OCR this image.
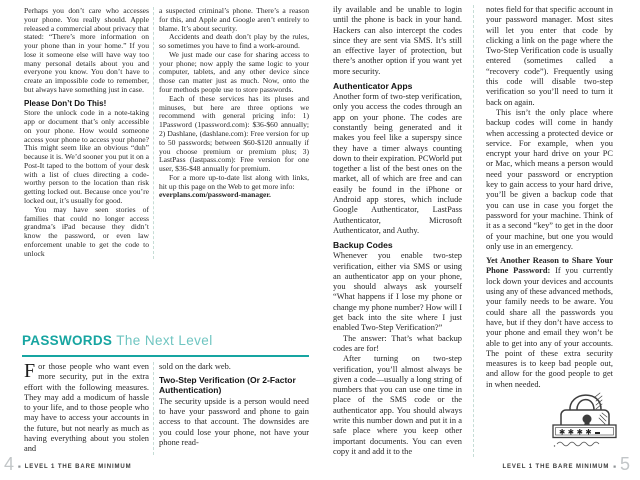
Perhaps you don’t care who accesses your phone. You really should. Apple released a commercial about privacy that stated: “There’s more information on your phone than in your home.” If you lose it someone else will have way too many personal details about you and everyone you know. You don’t have to create an impossible code to remember, but always have something just in case.

Please Don’t Do This!

Store the unlock code in a note-taking app or document that’s only accessible on your phone. How would someone access your phone to access your phone? This might seem like an obvious “duh” because it is. We’d sooner you put it on a Post-It taped to the bottom of your desk with a list of clues directing a code-worthy person to the location than risk getting locked out. Because once you’re locked out, it’s usually for good.

You may have seen stories of families that could no longer access grandma’s iPad because they didn’t know the password, or even law enforcement unable to get the code to unlock

a suspected criminal’s phone. There’s a reason for this, and Apple and Google aren’t entirely to blame. It’s about security.

Accidents and death don’t play by the rules, so sometimes you have to find a work-around.

We just made our case for sharing access to your phone; now apply the same logic to your computer, tablets, and any other device since those can matter just as much. Now, onto the four methods people use to store passwords.

Each of these services has its pluses and minuses, but here are three options we recommend with general pricing info: 1) 1Password (1password.com): $36-$60 annually; 2) Dashlane, (dashlane.com): Free version for up to 50 passwords; between $60-$120 annually if you choose premium or premium plus; 3) LastPass (lastpass.com): Free version for one user, $36-$48 annually for premium.

For a more up-to-date list along with links, hit up this page on the Web to get more info:

everplans.com/password-manager.

PASSWORDS The Next Level

For those people who want even more security, put in the extra effort with the following measures. They may add a modicum of hassle to your life, and to those people who may have to access your accounts in the future, but not nearly as much as having everything about you stolen and

sold on the dark web.

Two-Step Verification (Or 2-Factor Authentication)

The security upside is a person would need to have your password and phone to gain access to that account. The downsides are you could lose your phone, not have your phone read-

4 ■ LEVEL 1 THE BARE MINIMUM

ily available and be unable to login until the phone is back in your hand. Hackers can also intercept the codes since they are sent via SMS. It’s still an effective layer of protection, but there’s another option if you want yet more security.

Authenticator Apps

Another form of two-step verification, only you access the codes through an app on your phone. The codes are constantly being generated and it makes you feel like a superspy since they have a timer always counting down to their expiration. PCWorld put together a list of the best ones on the market, all of which are free and can easily be found in the iPhone or Android app stores, which include Google Authenticator, LastPass Authenticator, Microsoft Authenticator, and Authy.

Backup Codes

Whenever you enable two-step verification, either via SMS or using an authenticator app on your phone, you should always ask yourself “What happens if I lose my phone or change my phone number? How will I get back into the site where I just enabled Two-Step Verification?”

The answer: That’s what backup codes are for!

After turning on two-step verification, you’ll almost always be given a code—usually a long string of numbers that you can use one time in place of the SMS code or the authenticator app. You should always write this number down and put it in a safe place where you keep other important documents. You can even copy it and add it to the

notes field for that specific account in your password manager. Most sites will let you enter that code by clicking a link on the page where the Two-Step Verification code is usually entered (sometimes called a “recovery code”). Frequently using this code will disable two-step verification so you’ll need to turn it back on again.

This isn’t the only place where backup codes will come in handy when accessing a protected device or service. For example, when you encrypt your hard drive on your PC or Mac, which means a person would need your password or encryption key to gain access to your hard drive, you’ll be given a backup code that you can use in case you forget the password for your machine. Think of it as a second “key” to get in the door of your machine, but one you would only use in an emergency.

Yet Another Reason to Share Your Phone Password: If you currently lock down your devices and accounts using any of these advanced methods, your family needs to be aware. You could share all the passwords you have, but if they don’t have access to your phone and email they won’t be able to get into any of your accounts. The point of these extra security measures is to keep bad people out, and allow for the good people to get in when needed.

✱✱✱✱
LEVEL 1 THE BARE MINIMUM ■ 5
